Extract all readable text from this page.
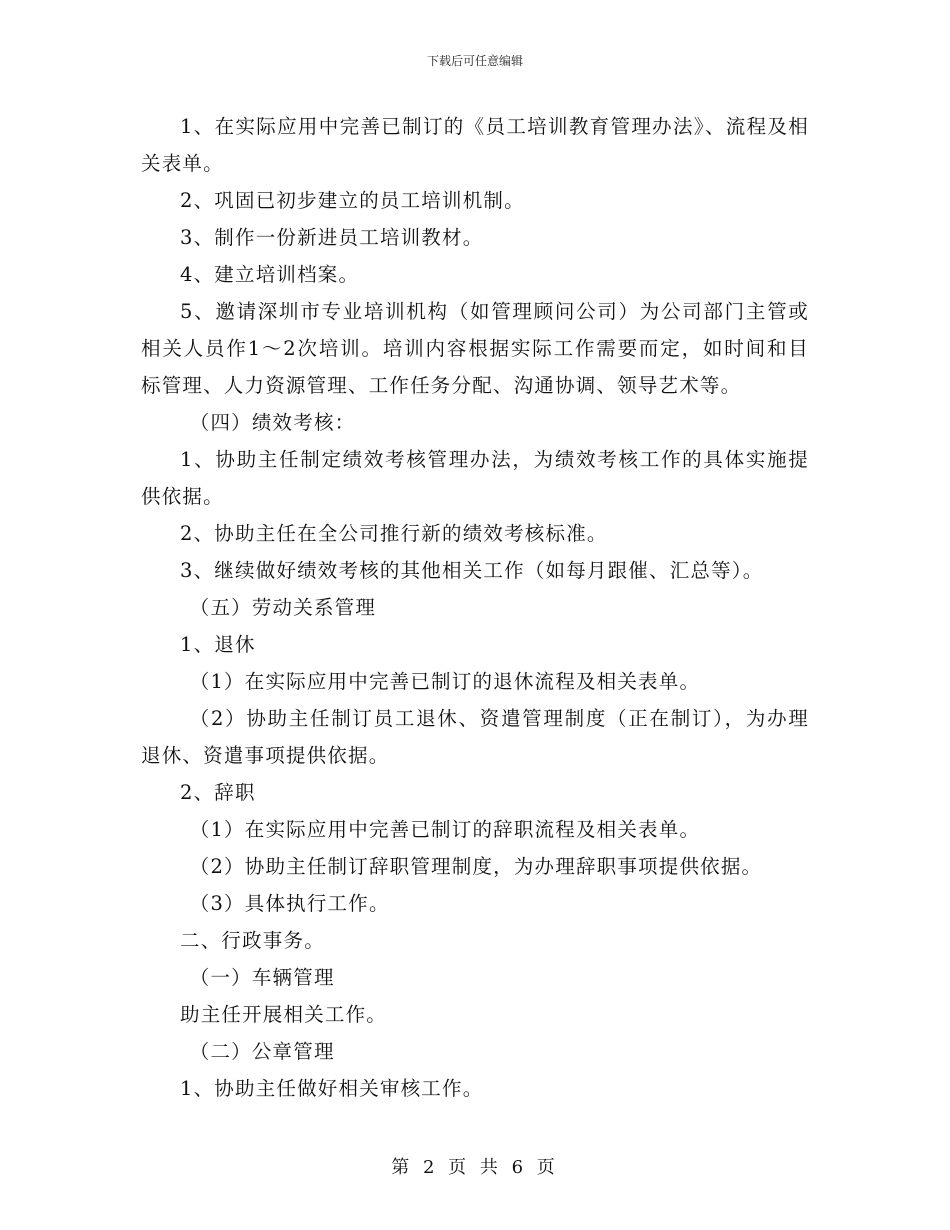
下载后可任意编辑

1、在实际应用中完善已制订的《员工培训教育管理办法》、流程及相关表单。

2、巩固已初步建立的员工培训机制。

3、制作一份新进员工培训教材。

4、建立培训档案。

5、邀请深圳市专业培训机构（如管理顾问公司）为公司部门主管或相关人员作1～2次培训。培训内容根据实际工作需要而定，如时间和目标管理、人力资源管理、工作任务分配、沟通协调、领导艺术等。

（四）绩效考核：

1、协助主任制定绩效考核管理办法，为绩效考核工作的具体实施提供依据。

2、协助主任在全公司推行新的绩效考核标准。

3、继续做好绩效考核的其他相关工作（如每月跟催、汇总等）。

（五）劳动关系管理

1、退休

（1）在实际应用中完善已制订的退休流程及相关表单。

（2）协助主任制订员工退休、资遣管理制度（正在制订），为办理退休、资遣事项提供依据。

2、辞职

（1）在实际应用中完善已制订的辞职流程及相关表单。

（2）协助主任制订辞职管理制度，为办理辞职事项提供依据。

（3）具体执行工作。

二、行政事务。

（一）车辆管理

助主任开展相关工作。

（二）公章管理

1、协助主任做好相关审核工作。

第 2 页 共 6 页
